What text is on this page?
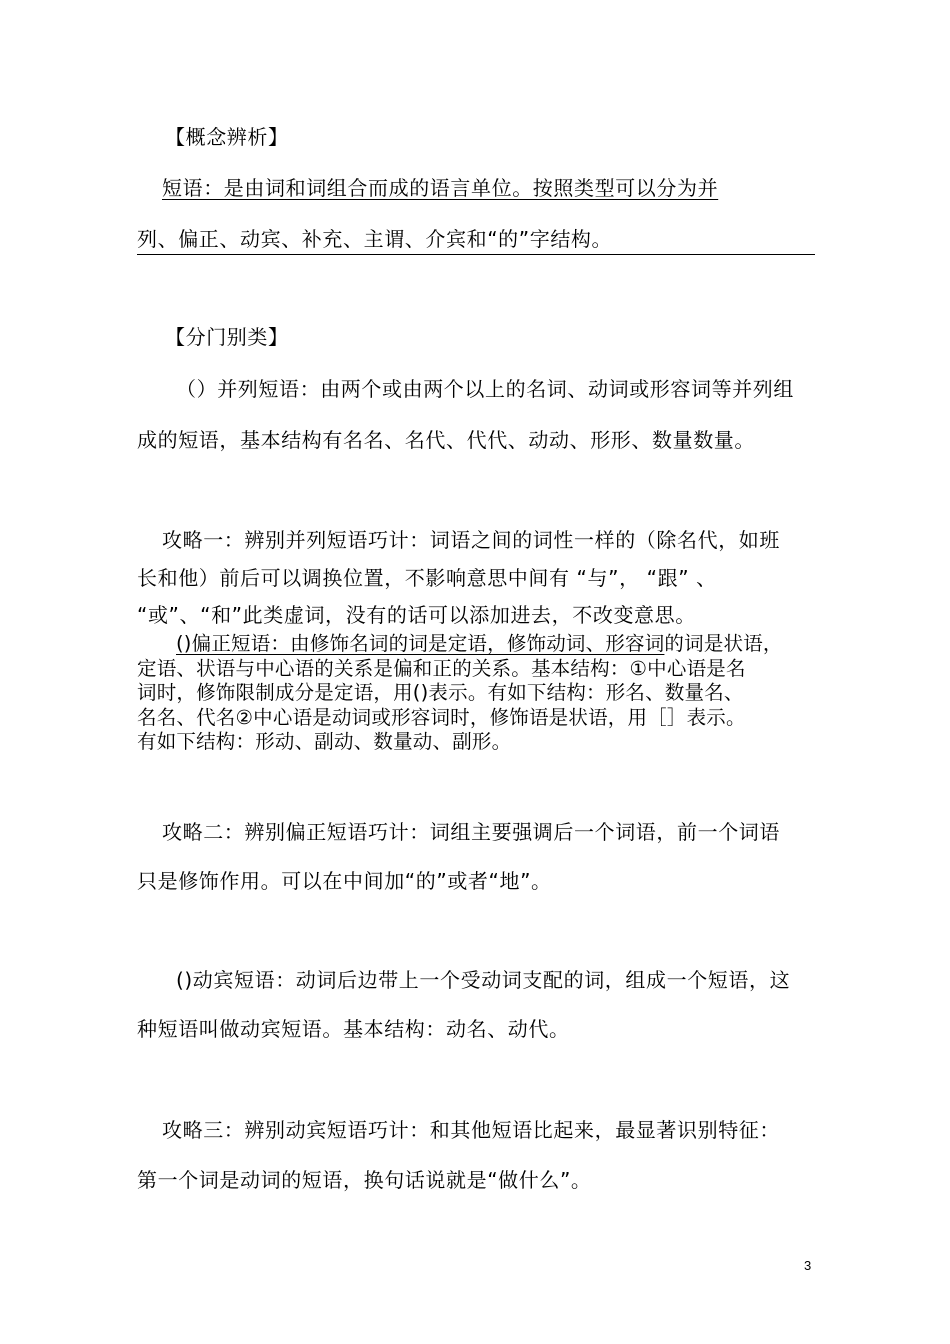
【概念辨析】
短语：是由词和词组合而成的语言单位。按照类型可以分为并
列、偏正、动宾、补充、主谓、介宾和“的”字结构。
【分门别类】
（）并列短语：由两个或由两个以上的名词、动词或形容词等并列组
成的短语，基本结构有名名、名代、代代、动动、形形、数量数量。
攻略一：辨别并列短语巧计：词语之间的词性一样的（除名代，如班
长和他）前后可以调换位置，不影响意思中间有 “与”， “跟” 、
“或”、“和”此类虚词，没有的话可以添加进去，不改变意思。
()偏正短语：由修饰名词的词是定语，修饰动词、形容词的词是状语，
定语、状语与中心语的关系是偏和正的关系。基本结构：①中心语是名
词时，修饰限制成分是定语，用()表示。有如下结构：形名、数量名、
名名、代名②中心语是动词或形容词时，修饰语是状语，用［］表示。
有如下结构：形动、副动、数量动、副形。
攻略二：辨别偏正短语巧计：词组主要强调后一个词语，前一个词语
只是修饰作用。可以在中间加“的”或者“地”。
()动宾短语：动词后边带上一个受动词支配的词，组成一个短语，这
种短语叫做动宾短语。基本结构：动名、动代。
攻略三：辨别动宾短语巧计：和其他短语比起来，最显著识别特征：
第一个词是动词的短语，换句话说就是“做什么”。
3
